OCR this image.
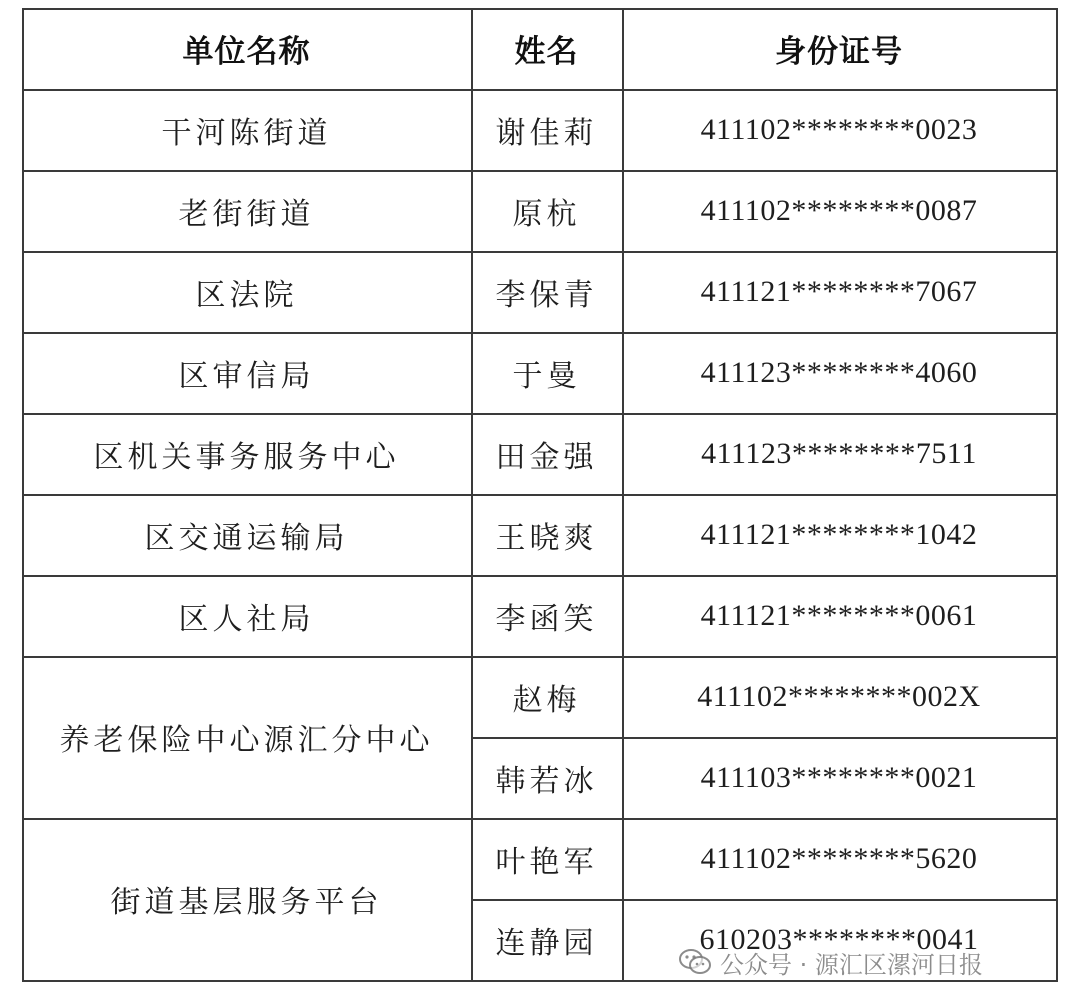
单位名称	姓名	身份证号
干河陈街道	谢佳莉	411102********0023
老街街道	原杭	411102********0087
区法院	李保青	411121********7067
区审信局	于曼	411123********4060
区机关事务服务中心	田金强	411123********7511
区交通运输局	王晓爽	411121********1042
区人社局	李函笑	411121********0061
养老保险中心源汇分中心
赵梅	411102********002X
韩若冰	411103********0021
街道基层服务平台
叶艳军	411102********5620
连静园	610203********0041
公众号 · 源汇区漯河日报
